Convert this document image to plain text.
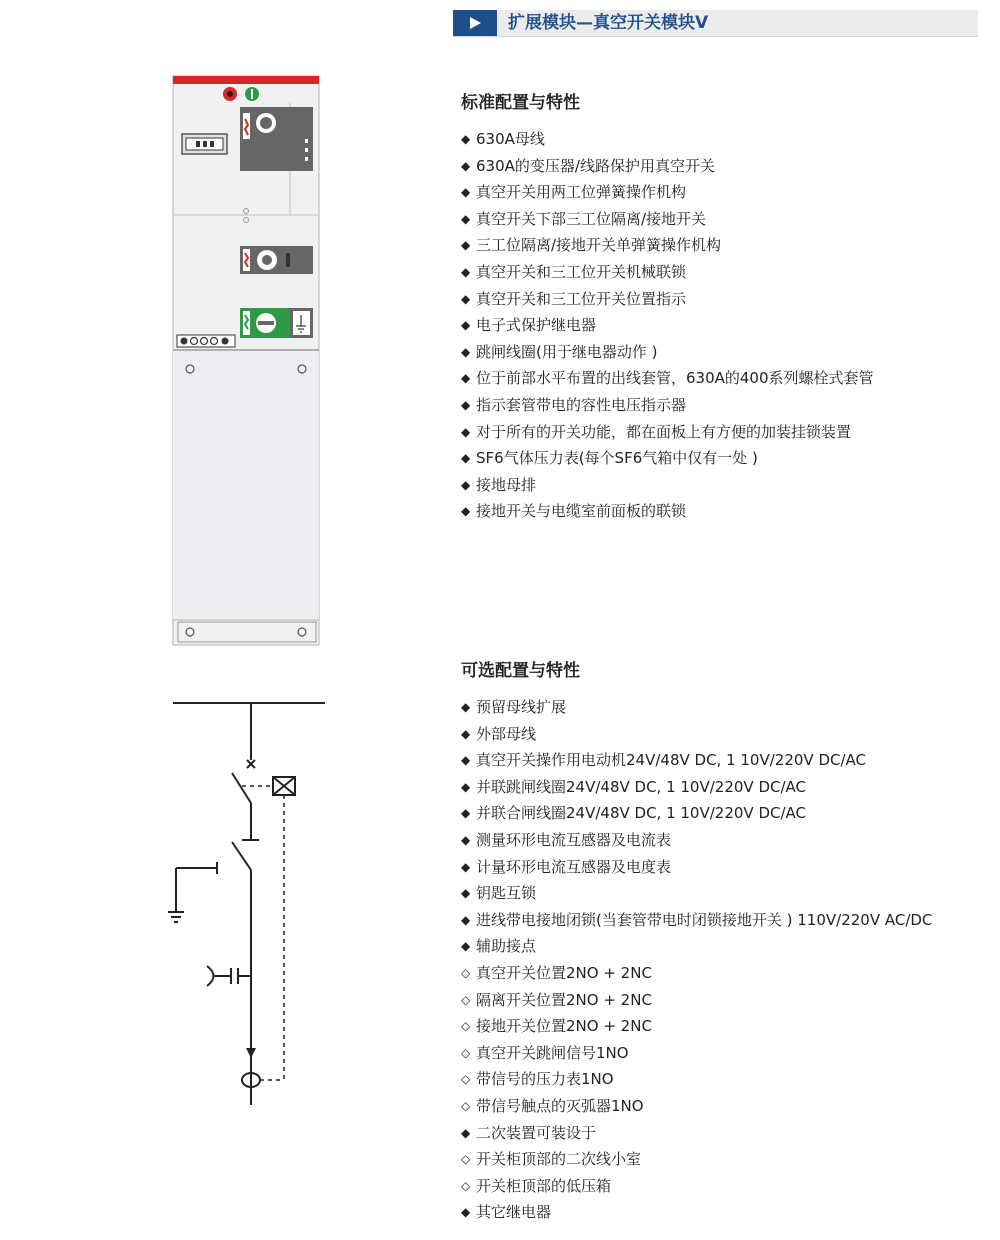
扩展模块—真空开关模块V
标准配置与特性
◆ 630A母线
◆ 630A的变压器/线路保护用真空开关
◆ 真空开关用两工位弹簧操作机构
◆ 真空开关下部三工位隔离/接地开关
◆ 三工位隔离/接地开关单弹簧操作机构
◆ 真空开关和三工位开关机械联锁
◆ 真空开关和三工位开关位置指示
◆ 电子式保护继电器
◆ 跳闸线圈(用于继电器动作 )
◆ 位于前部水平布置的出线套管，630A的400系列螺栓式套管
◆ 指示套管带电的容性电压指示器
◆ 对于所有的开关功能，都在面板上有方便的加装挂锁装置
◆ SF6气体压力表(每个SF6气箱中仅有一处 )
◆ 接地母排
◆ 接地开关与电缆室前面板的联锁
可选配置与特性
◆ 预留母线扩展
◆ 外部母线
◆ 真空开关操作用电动机24V/48V DC, 1 10V/220V DC/AC
◆ 并联跳闸线圈24V/48V DC, 1 10V/220V DC/AC
◆ 并联合闸线圈24V/48V DC, 1 10V/220V DC/AC
◆ 测量环形电流互感器及电流表
◆ 计量环形电流互感器及电度表
◆ 钥匙互锁
◆ 进线带电接地闭锁(当套管带电时闭锁接地开关 ) 110V/220V AC/DC
◆ 辅助接点
◇ 真空开关位置2NO + 2NC
◇ 隔离开关位置2NO + 2NC
◇ 接地开关位置2NO + 2NC
◇ 真空开关跳闸信号1NO
◇ 带信号的压力表1NO
◇ 带信号触点的灭弧器1NO
◆ 二次装置可装设于
◇ 开关柜顶部的二次线小室
◇ 开关柜顶部的低压箱
◆ 其它继电器
